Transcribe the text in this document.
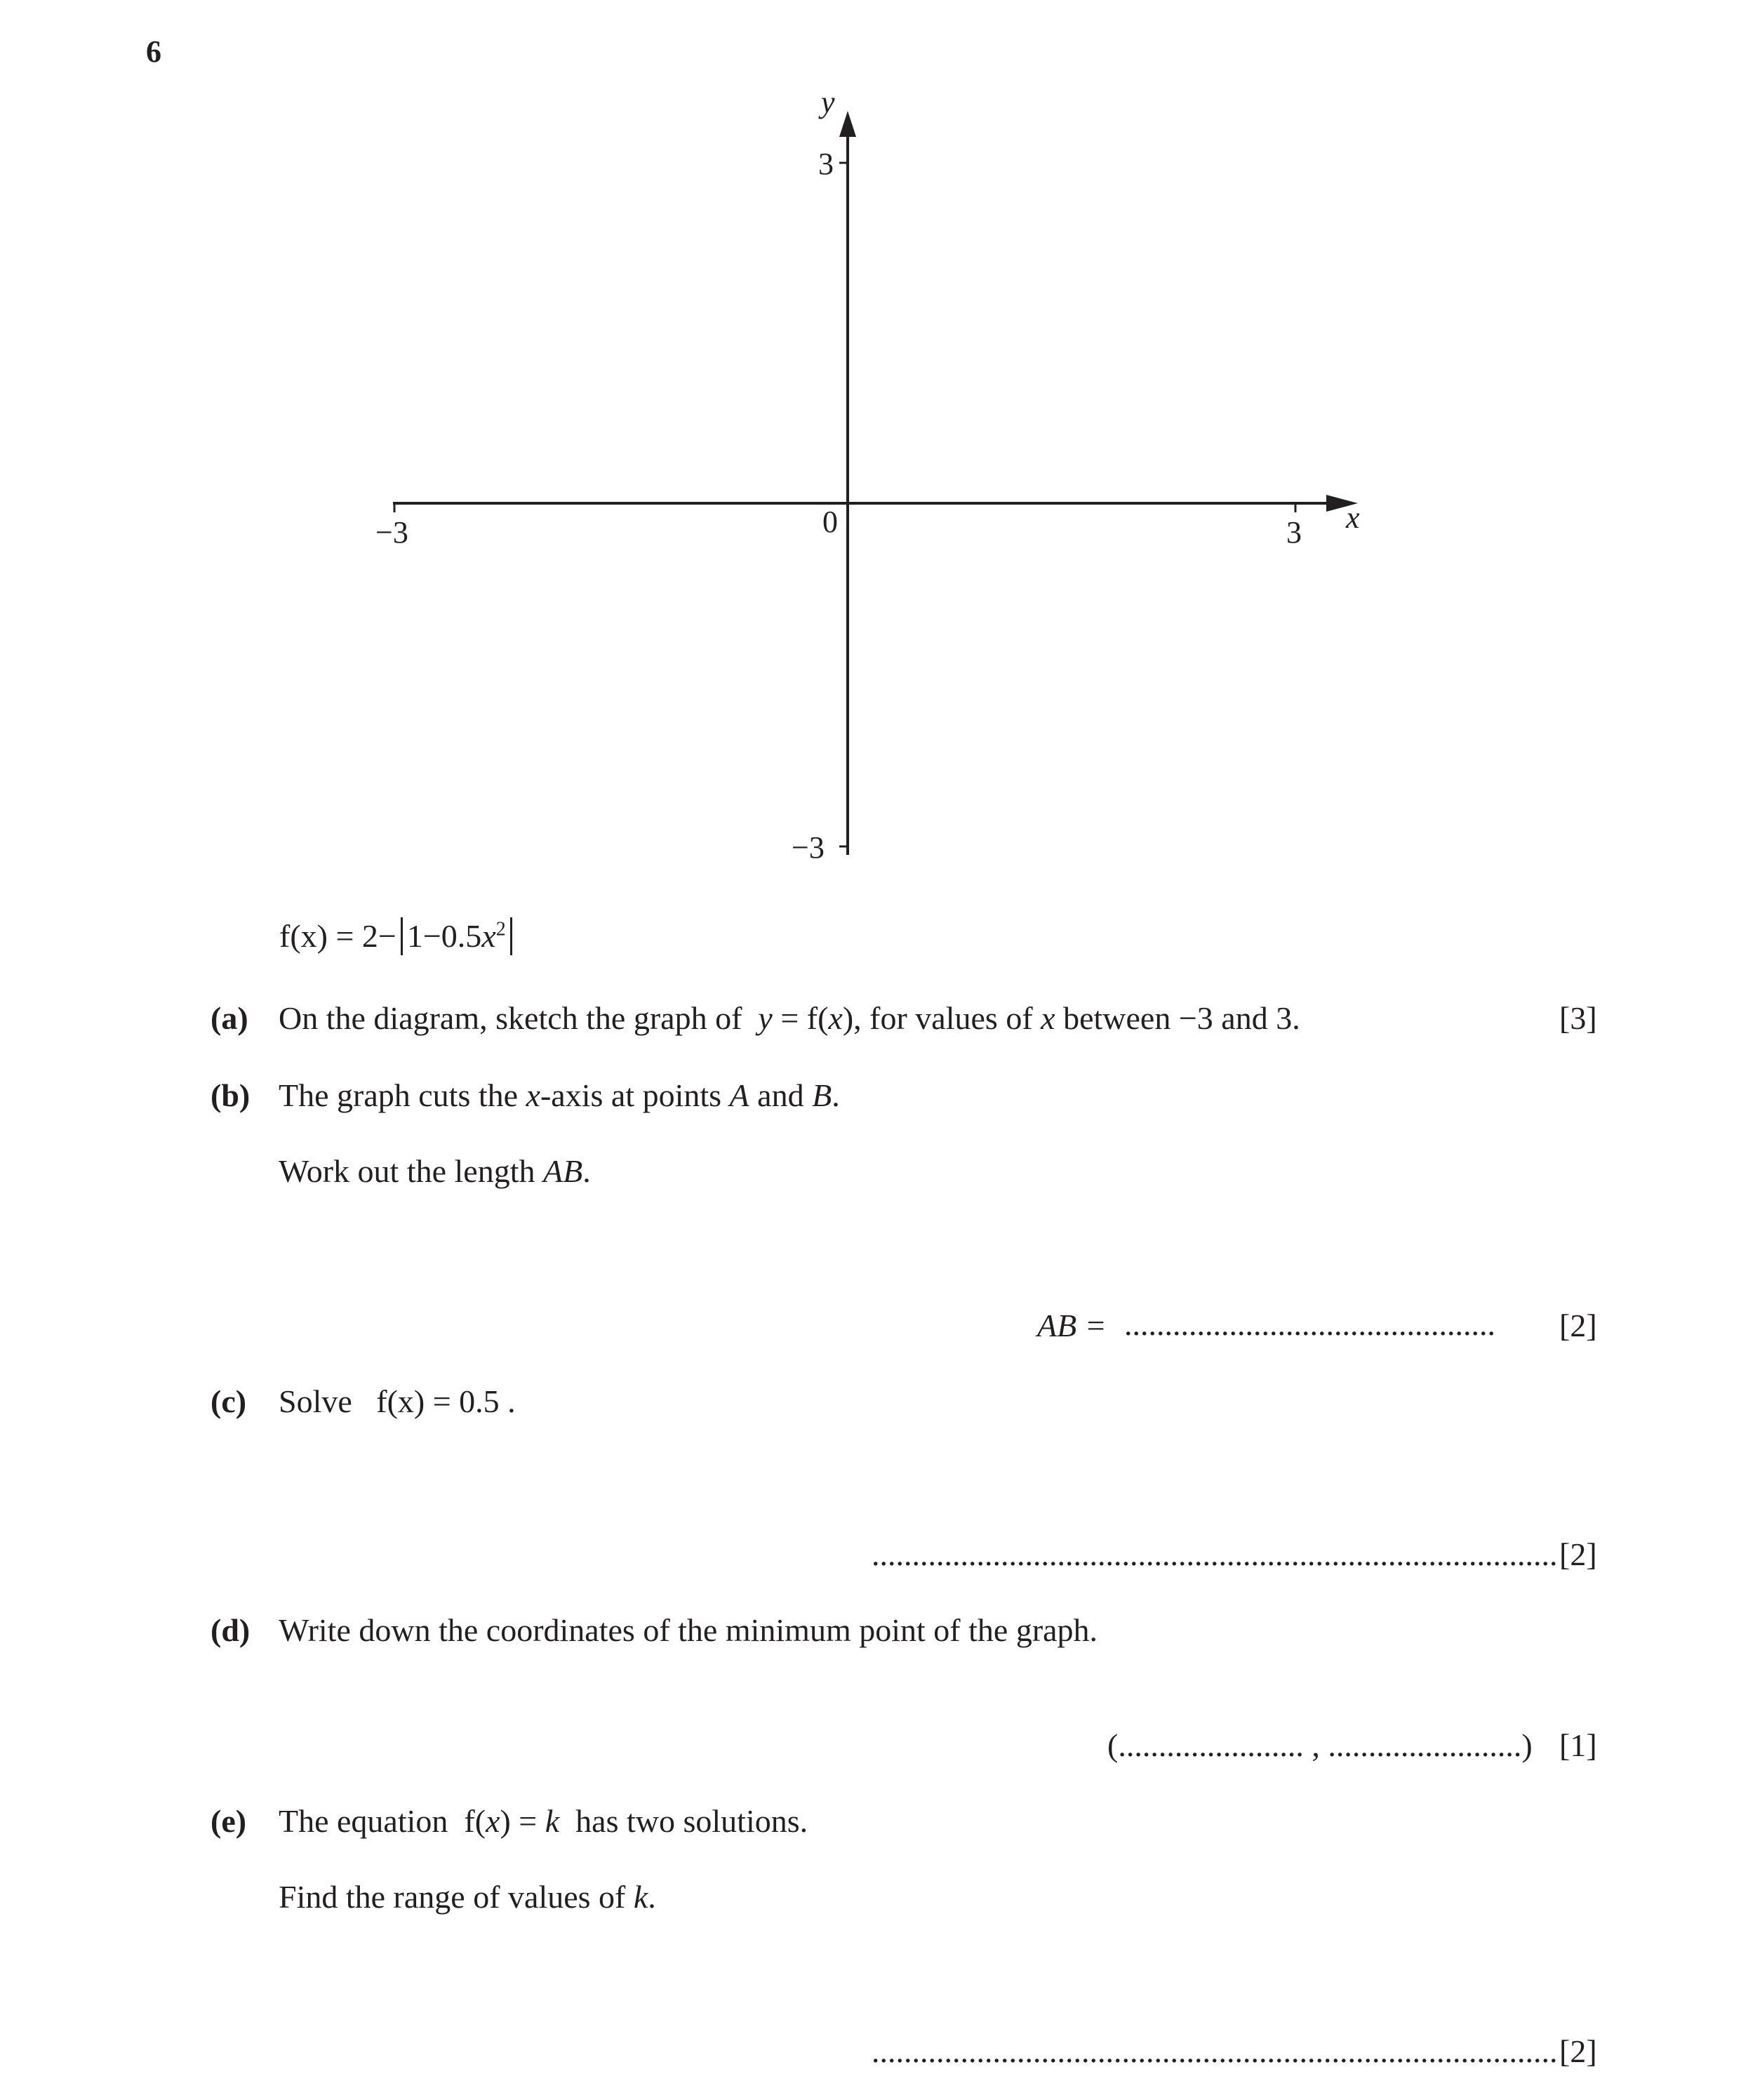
6
y
x
0
−3	3
3
−3
$f(x) = 2- 1-0.5x^2$
(a) On the diagram, sketch the graph of y = f(x), for values of x between −3 and 3.	[3]
(b) The graph cuts the x-axis at points A and B.
Work out the length AB.
AB = .............................................. [2]
(c) Solve f(x) = 0.5 .
..................................................................................... [2]
(d) Write down the coordinates of the minimum point of the graph.
(....................... , ........................) [1]
(e) The equation  f(x) = k has two solutions.
Find the range of values of k.
..................................................................................... [2]
